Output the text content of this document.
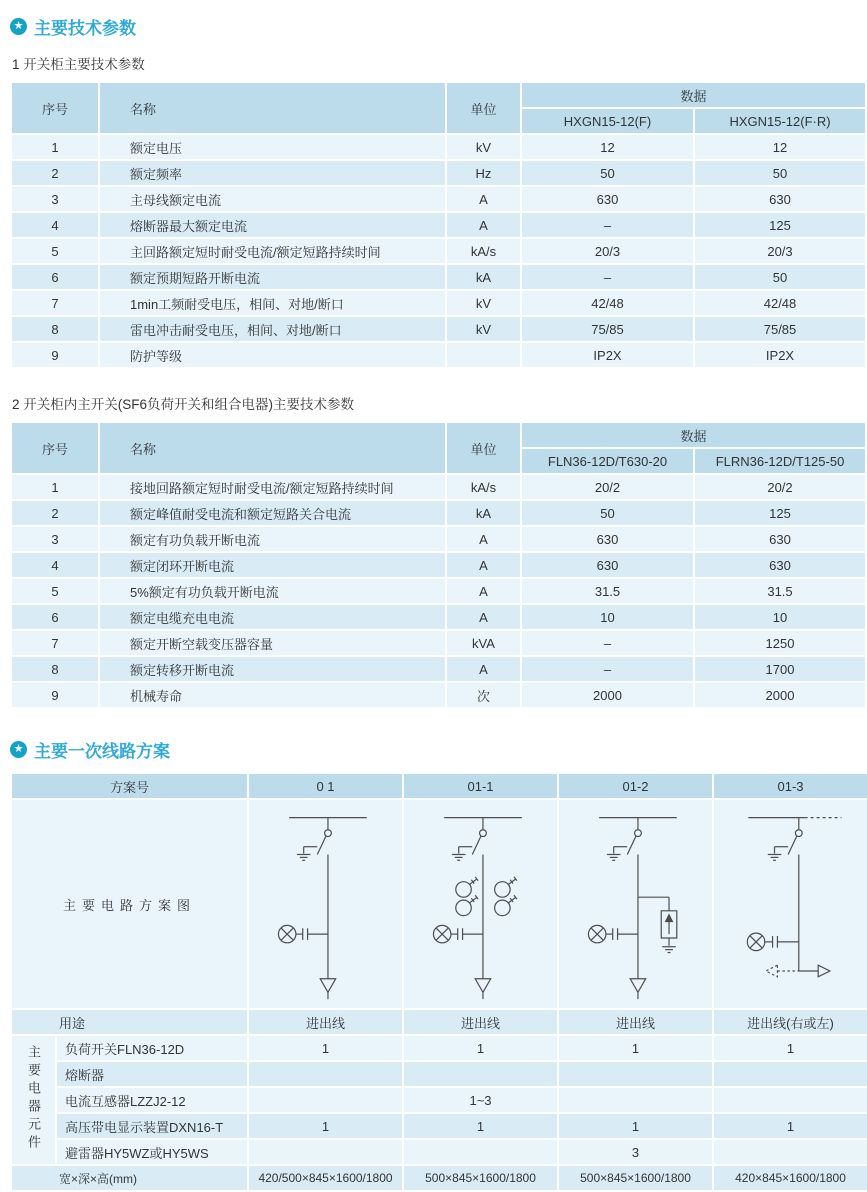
★ 主要技术参数
1 开关柜主要技术参数
序号	名称	单位	数据	
			HXGN15-12(F)	HXGN15-12(F·R)
1	额定电压	kV	12	12
2	额定频率	Hz	50	50
3	主母线额定电流	A	630	630
4	熔断器最大额定电流	A	–	125
5	主回路额定短时耐受电流/额定短路持续时间	kA/s	20/3	20/3
6	额定预期短路开断电流	kA	–	50
7	1min工频耐受电压，相间、对地/断口	kV	42/48	42/48
8	雷电冲击耐受电压，相间、对地/断口	kV	75/85	75/85
9	防护等级		IP2X	IP2X
2 开关柜内主开关(SF6负荷开关和组合电器)主要技术参数
序号	名称	单位	数据	
			FLN36-12D/T630-20	FLRN36-12D/T125-50
1	接地回路额定短时耐受电流/额定短路持续时间	kA/s	20/2	20/2
2	额定峰值耐受电流和额定短路关合电流	kA	50	125
3	额定有功负载开断电流	A	630	630
4	额定闭环开断电流	A	630	630
5	5%额定有功负载开断电流	A	31.5	31.5
6	额定电缆充电电流	A	10	10
7	额定开断空载变压器容量	kVA	–	1250
8	额定转移开断电流	A	–	1700
9	机械寿命	次	2000	2000
★ 主要一次线路方案
方案号		0 1	01-1	01-2	01-3
主要电路方案图	

用途		进出线	进出线	进出线	进出线(右或左)
主要电器元件	负荷开关FLN36-12D	1	1	1	1
	熔断器				
	电流互感器LZZJ2-12		1~3		
	高压带电显示装置DXN16-T	1	1	1	1
	避雷器HY5WZ或HY5WS			3	
宽×深×高(mm)		420/500×845×1600/1800	500×845×1600/1800	500×845×1600/1800	420×845×1600/1800
